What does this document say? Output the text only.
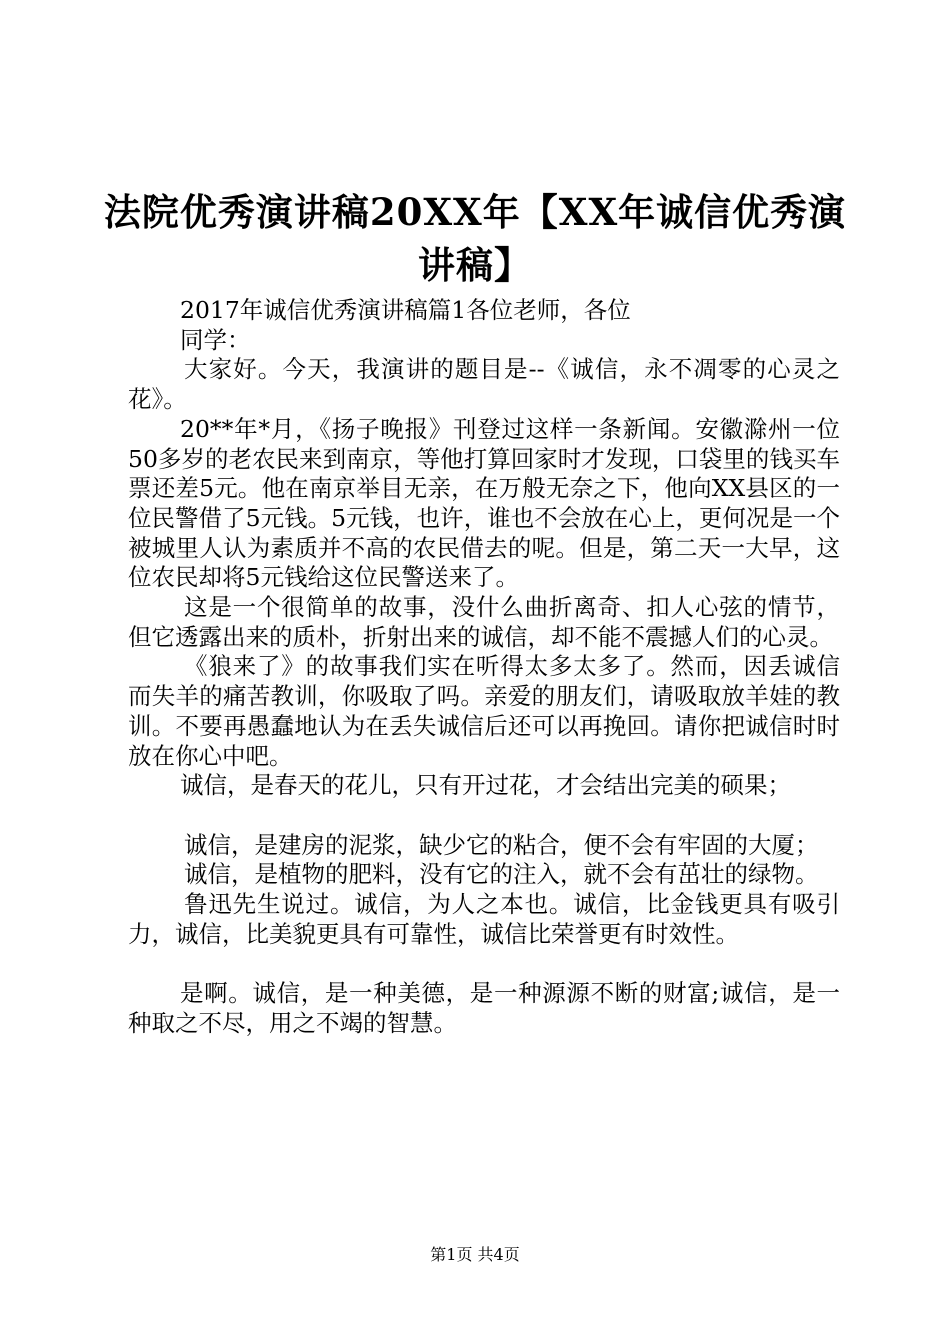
法院优秀演讲稿20XX年【XX年诚信优秀演讲稿】

2017年诚信优秀演讲稿篇1各位老师，各位

同学：

大家好。今天，我演讲的题目是--《诚信，永不凋零的心灵之花》。

20**年*月，《扬子晚报》刊登过这样一条新闻。安徽滁州一位50多岁的老农民来到南京，等他打算回家时才发现，口袋里的钱买车票还差5元。他在南京举目无亲，在万般无奈之下，他向XX县区的一位民警借了5元钱。5元钱，也许，谁也不会放在心上，更何况是一个被城里人认为素质并不高的农民借去的呢。但是，第二天一大早，这位农民却将5元钱给这位民警送来了。

这是一个很简单的故事，没什么曲折离奇、扣人心弦的情节，但它透露出来的质朴，折射出来的诚信，却不能不震撼人们的心灵。

《狼来了》的故事我们实在听得太多太多了。然而，因丢诚信而失羊的痛苦教训，你吸取了吗。亲爱的朋友们，请吸取放羊娃的教训。不要再愚蠢地认为在丢失诚信后还可以再挽回。请你把诚信时时放在你心中吧。

诚信，是春天的花儿，只有开过花，才会结出完美的硕果；

诚信，是建房的泥浆，缺少它的粘合，便不会有牢固的大厦；

诚信，是植物的肥料，没有它的注入，就不会有茁壮的绿物。

鲁迅先生说过。诚信，为人之本也。诚信，比金钱更具有吸引力，诚信，比美貌更具有可靠性，诚信比荣誉更有时效性。

是啊。诚信，是一种美德，是一种源源不断的财富;诚信，是一种取之不尽，用之不竭的智慧。

第1页 共4页
